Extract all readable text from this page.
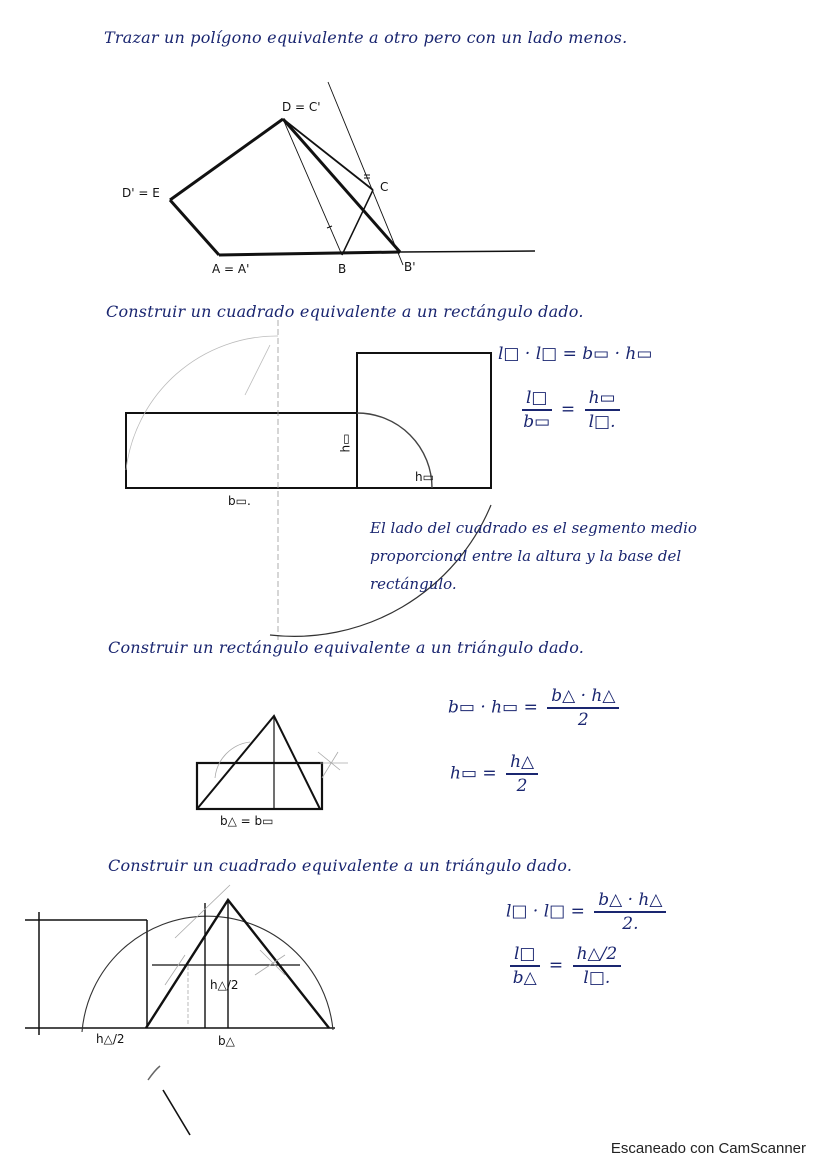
Trazar un polígono equivalente a otro pero con un lado menos.
D = C'
D' = E	C
A = A'	B	B'
Construir un cuadrado equivalente a un rectángulo dado.
h▭
b▭.
h▭
l□ · l□ = b▭ · h▭
$\frac{l□}{b▭} = \frac{h▭}{l□.}$
El lado del cuadrado es el segmento medio proporcional entre la altura y la base del rectángulo.
Construir un rectángulo equivalente a un triángulo dado.
b△ = b▭
b▭ · h▭ = $\frac{b\triangle \cdot h\triangle}{2}$
h▭ = $\frac{h\triangle}{2}$
Construir un cuadrado equivalente a un triángulo dado.
h△/2
h△/2
b△
l□ · l□ = $\frac{b\triangle \cdot h\triangle}{2.}$
$\frac{l□}{b\triangle} = \frac{h\triangle/2}{l□.}$
Escaneado con CamScanner
